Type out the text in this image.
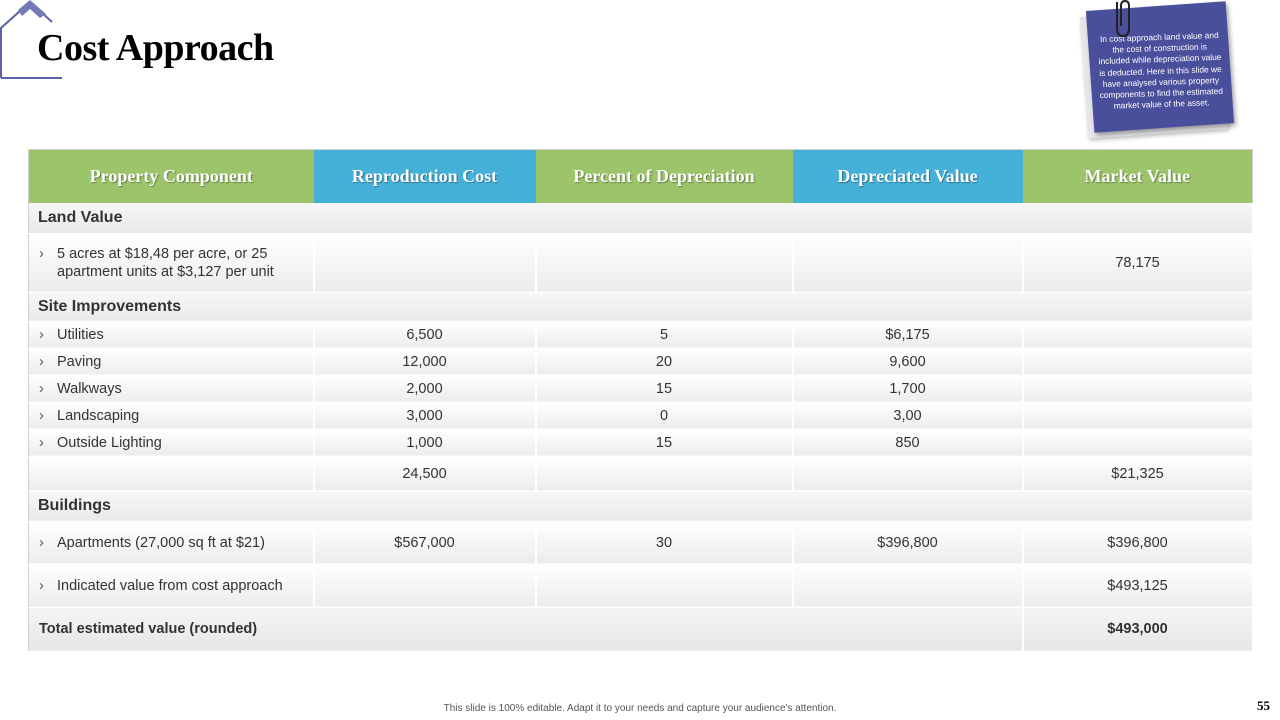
Cost Approach	In cost approach land value and the cost of construction is included while depreciation value is deducted. Here in this slide we have analysed various property components to find the estimated market value of the asset.
Property Component	Reproduction Cost	Percent of Depreciation	Depreciated Value	Market Value
Land Value				

› 5 acres at $18,48 per acre, or 25 apartment units at $3,127 per unit				78,175
Site Improvements				
› Utilities	6,500	5	$6,175	
› Paving	12,000	20	9,600	
› Walkways	2,000	15	1,700	
› Landscaping	3,000	0	3,00	
› Outside Lighting	1,000	15	850	
	24,500			$21,325
Buildings				
› Apartments (27,000 sq ft at $21)	$567,000	30	$396,800	$396,800
› Indicated value from cost approach				$493,125
Total estimated value (rounded)				$493,000
This slide is 100% editable. Adapt it to your needs and capture your audience's attention.	55
